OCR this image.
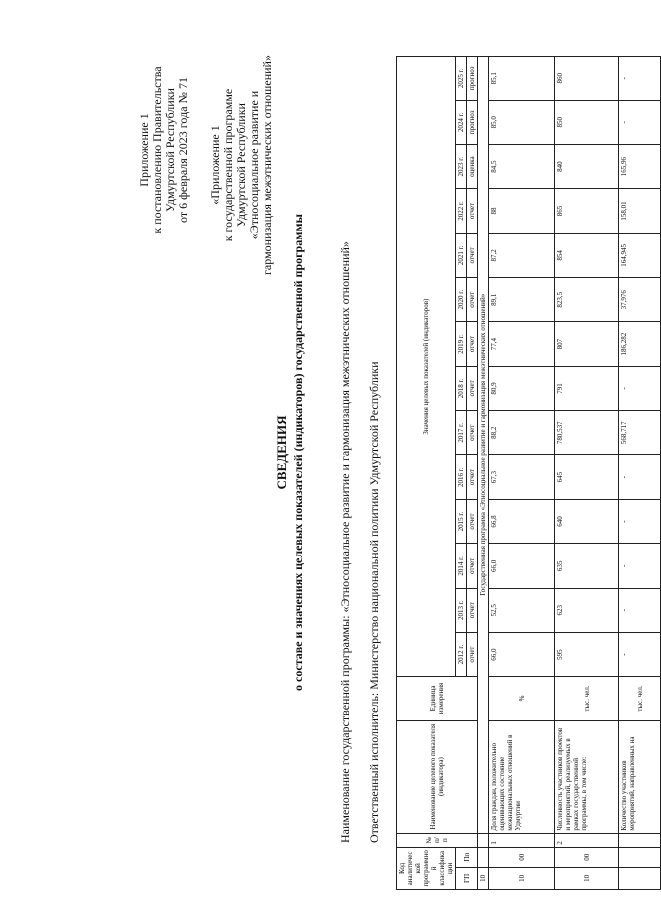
Приложение 1 к постановлению Правительства Удмуртской Республики от 6 февраля 2023 года № 71 «Приложение 1 к государственной программе Удмуртской Республики «Этносоциальное развитие и гармонизация межэтнических отношений»
СВЕДЕНИЯ о составе и значениях целевых показателей (индикаторов) государственной программы	Наименование государственной программы: «Этносоциальное развитие и гармонизация межэтнических отношений» Ответственный исполнитель: Министерство национальной политики Удмуртской Республики
Код аналитической программной классификации		№ п/п	Наименование целевого показателя (индикатора)	Единица измерения	Значения целевых показателей (индикаторов)													
ГП	Пп				2012 г.	2013 г.	2014 г.	2015 г.	2016 г.	2017 г.	2018 г.	2019 г.	2020 г.	2021 г.	2022 г.	2023 г.	2024 г.	2025 г.
					отчет	отчет	отчет	отчет	отчет	отчет	отчет	отчет	отчет	отчет	отчет	оценка	прогноз	прогноз
10			Государственная программа «Этносоциальное развитие и гармонизация межэтнических отношений»															
10	00	1	Доля граждан, положительно оценивающих состояние межнациональных отношений в Удмуртии	%	66,0	52,5	66,0	66,8	67,3	88,2	80,9	77,4	89,1	87,2	88	84,5	85,0	85,1
10	00	2	Численность участников проектов и мероприятий, реализуемых в рамках государственной программы, в том числе:	тыс. чел.	595	623	635	640	645	780,537	791	807	823,5	854	865	840	850	860
			Количество участников мероприятий, направленных на	тыс. чел.	-	-	-	-	-	568,717	-	186,282	37,976	164,945	158,01	165,96	-	-
